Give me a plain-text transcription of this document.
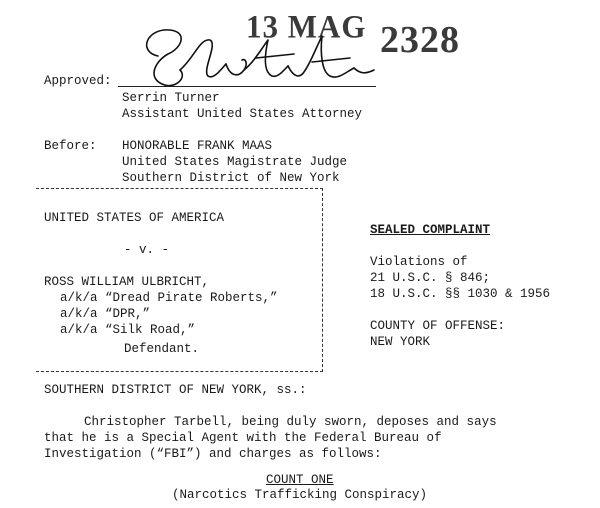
13 MAG 2328
Approved:
Serrin Turner
Assistant United States Attorney
Before: HONORABLE FRANK MAAS
United States Magistrate Judge
Southern District of New York
UNITED STATES OF AMERICA
- v. -
ROSS WILLIAM ULBRICHT,
a/k/a “Dread Pirate Roberts,”
a/k/a “DPR,”
a/k/a “Silk Road,”
Defendant.
SEALED COMPLAINT
Violations of
21 U.S.C. § 846;
18 U.S.C. §§ 1030 & 1956
COUNTY OF OFFENSE:
NEW YORK
SOUTHERN DISTRICT OF NEW YORK, ss.:
Christopher Tarbell, being duly sworn, deposes and says
that he is a Special Agent with the Federal Bureau of
Investigation (“FBI”) and charges as follows:
COUNT ONE
(Narcotics Trafficking Conspiracy)
